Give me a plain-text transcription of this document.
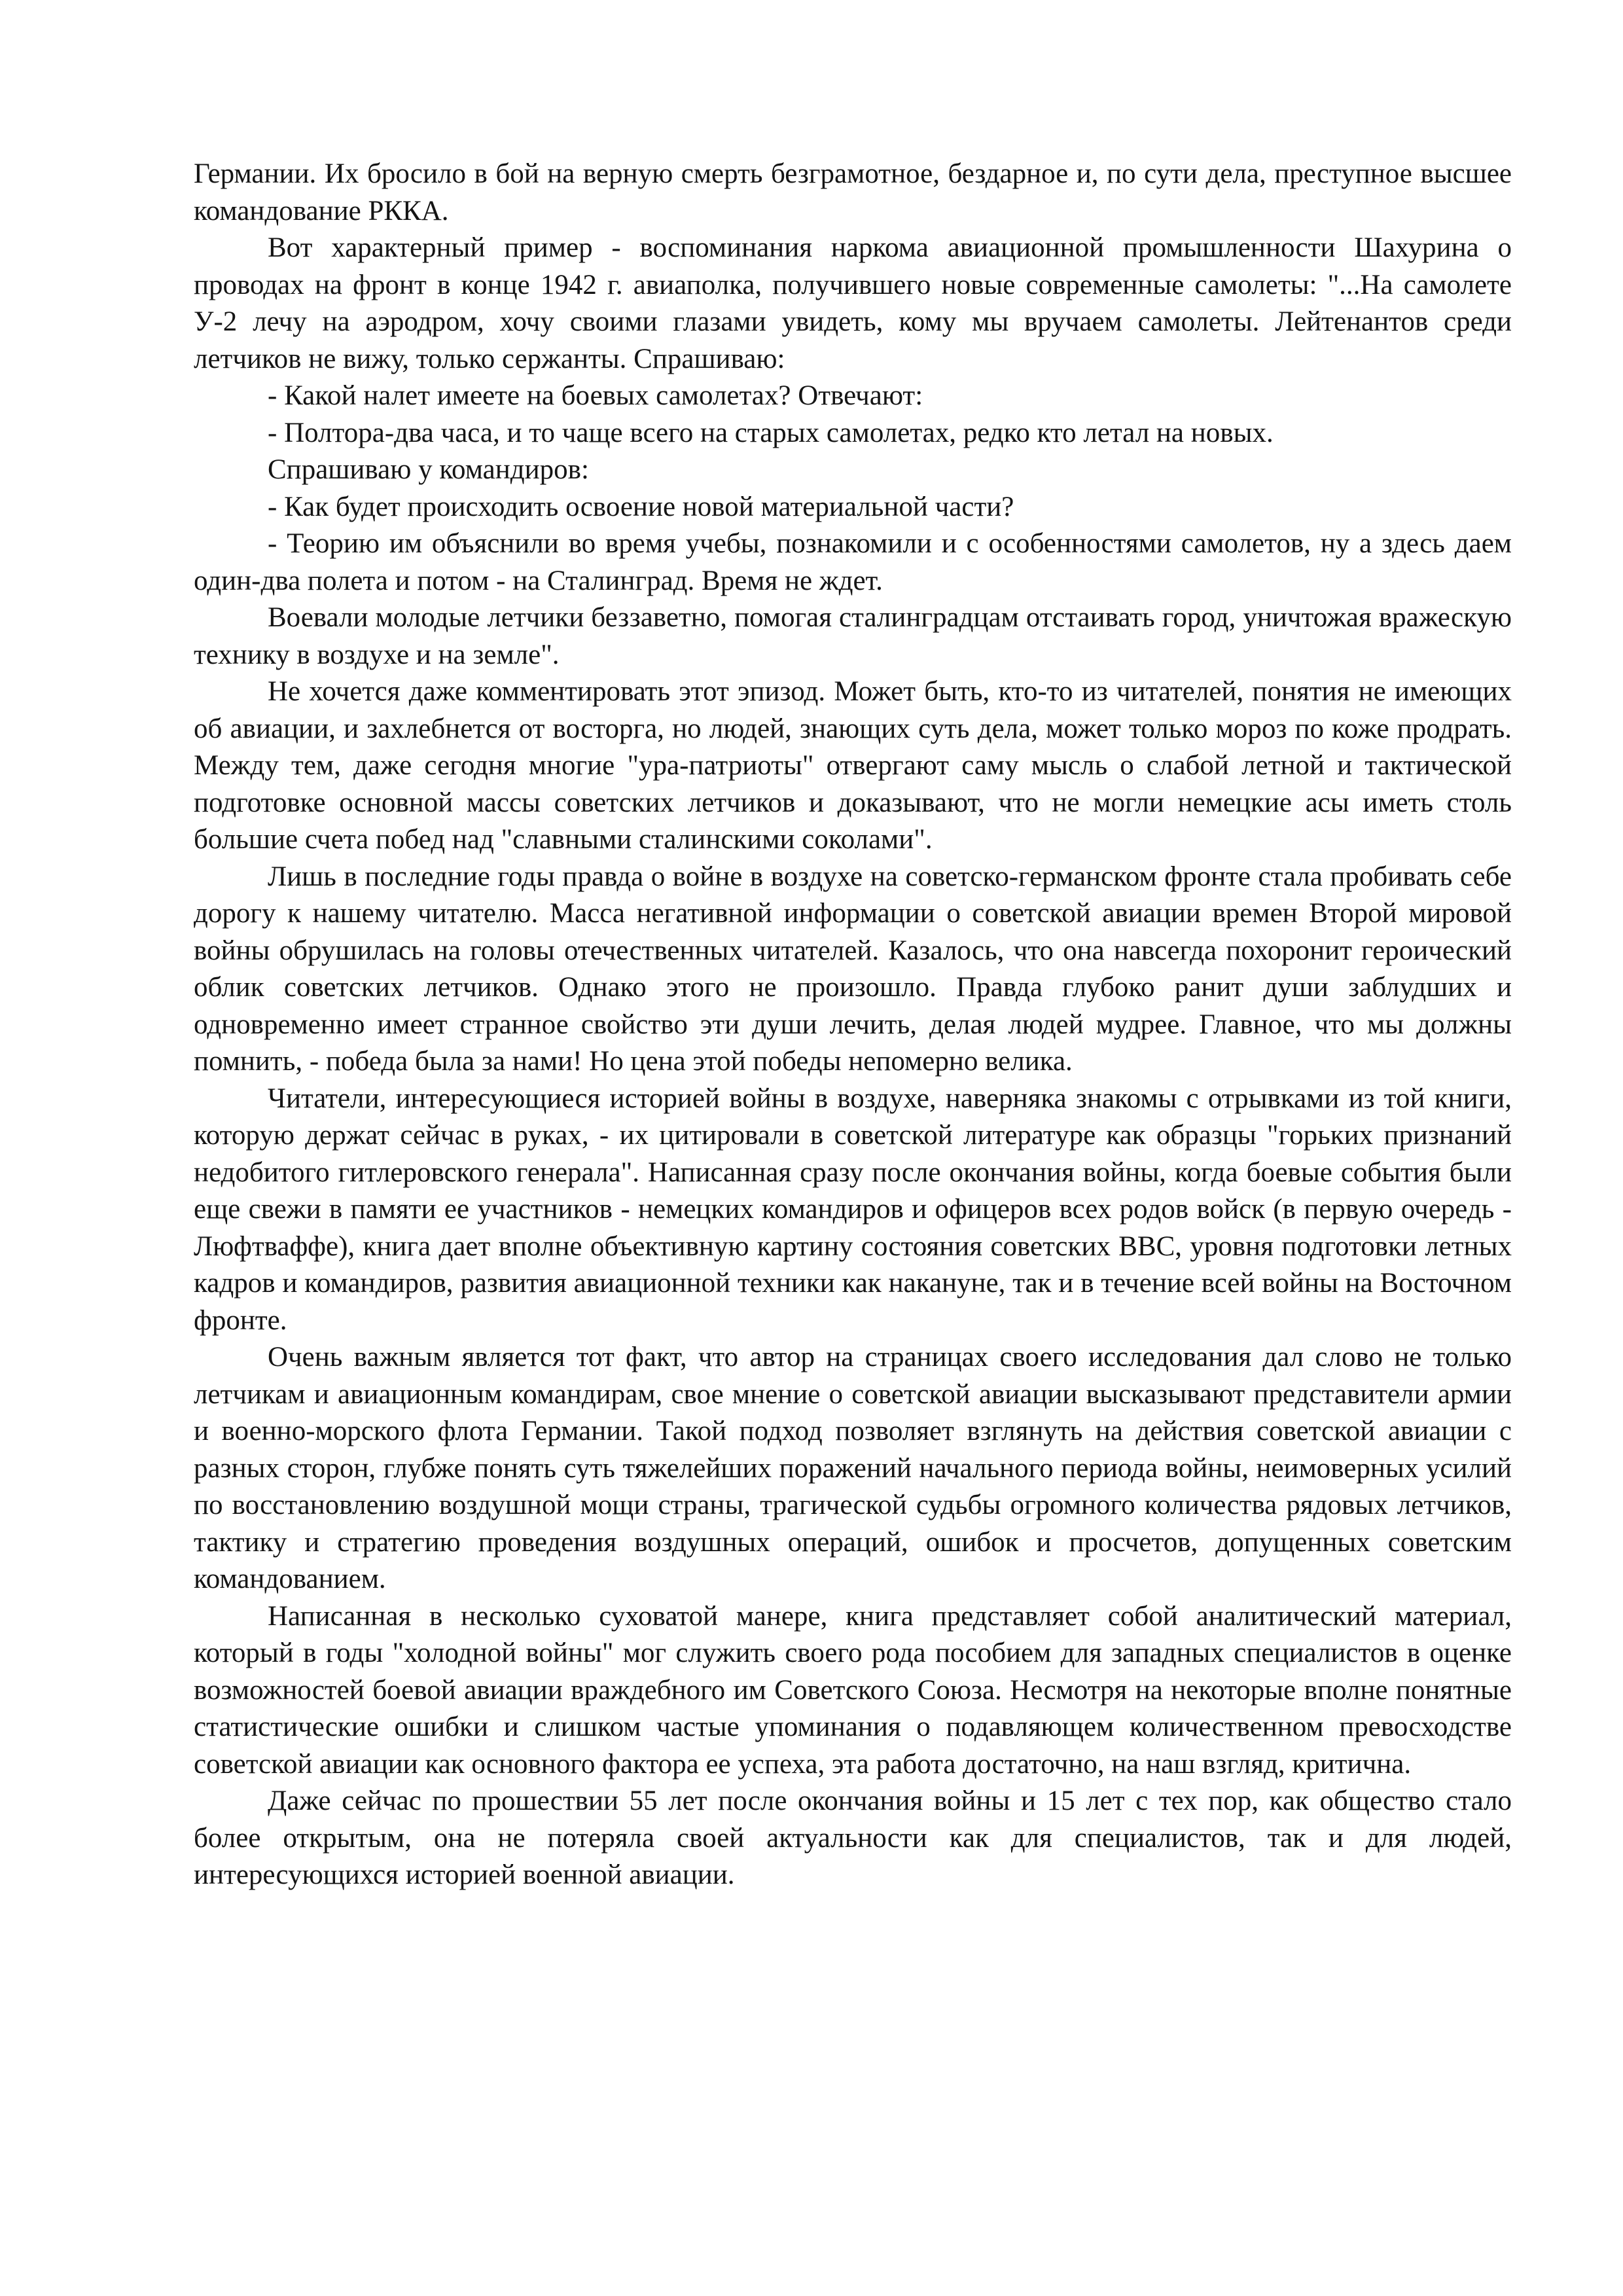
Германии. Их бросило в бой на верную смерть безграмотное, бездарное и, по сути дела, преступное высшее командование РККА.

Вот характерный пример - воспоминания наркома авиационной промышленности Шахурина о проводах на фронт в конце 1942 г. авиаполка, получившего новые современные самолеты: "...На самолете У-2 лечу на аэродром, хочу своими глазами увидеть, кому мы вручаем самолеты. Лейтенантов среди летчиков не вижу, только сержанты. Спрашиваю:

- Какой налет имеете на боевых самолетах? Отвечают:

- Полтора-два часа, и то чаще всего на старых самолетах, редко кто летал на новых.

Спрашиваю у командиров:

- Как будет происходить освоение новой материальной части?

- Теорию им объяснили во время учебы, познакомили и с особенностями самолетов, ну а здесь даем один-два полета и потом - на Сталинград. Время не ждет.

Воевали молодые летчики беззаветно, помогая сталинградцам отстаивать город, уничтожая вражескую технику в воздухе и на земле".

Не хочется даже комментировать этот эпизод. Может быть, кто-то из читателей, понятия не имеющих об авиации, и захлебнется от восторга, но людей, знающих суть дела, может только мороз по коже продрать. Между тем, даже сегодня многие "ура-патриоты" отвергают саму мысль о слабой летной и тактической подготовке основной массы советских летчиков и доказывают, что не могли немецкие асы иметь столь большие счета побед над "славными сталинскими соколами".

Лишь в последние годы правда о войне в воздухе на советско-германском фронте стала пробивать себе дорогу к нашему читателю. Масса негативной информации о советской авиации времен Второй мировой войны обрушилась на головы отечественных читателей. Казалось, что она навсегда похоронит героический облик советских летчиков. Однако этого не произошло. Правда глубоко ранит души заблудших и одновременно имеет странное свойство эти души лечить, делая людей мудрее. Главное, что мы должны помнить, - победа была за нами! Но цена этой победы непомерно велика.

Читатели, интересующиеся историей войны в воздухе, наверняка знакомы с отрывками из той книги, которую держат сейчас в руках, - их цитировали в советской литературе как образцы "горьких признаний недобитого гитлеровского генерала". Написанная сразу после окончания войны, когда боевые события были еще свежи в памяти ее участников - немецких командиров и офицеров всех родов войск (в первую очередь - Люфтваффе), книга дает вполне объективную картину состояния советских ВВС, уровня подготовки летных кадров и командиров, развития авиационной техники как накануне, так и в течение всей войны на Восточном фронте.

Очень важным является тот факт, что автор на страницах своего исследования дал слово не только летчикам и авиационным командирам, свое мнение о советской авиации высказывают представители армии и военно-морского флота Германии. Такой подход позволяет взглянуть на действия советской авиации с разных сторон, глубже понять суть тяжелейших поражений начального периода войны, неимоверных усилий по восстановлению воздушной мощи страны, трагической судьбы огромного количества рядовых летчиков, тактику и стратегию проведения воздушных операций, ошибок и просчетов, допущенных советским командованием.

Написанная в несколько суховатой манере, книга представляет собой аналитический материал, который в годы "холодной войны" мог служить своего рода пособием для западных специалистов в оценке возможностей боевой авиации враждебного им Советского Союза. Несмотря на некоторые вполне понятные статистические ошибки и слишком частые упоминания о подавляющем количественном превосходстве советской авиации как основного фактора ее успеха, эта работа достаточно, на наш взгляд, критична.

Даже сейчас по прошествии 55 лет после окончания войны и 15 лет с тех пор, как общество стало более открытым, она не потеряла своей актуальности как для специалистов, так и для людей, интересующихся историей военной авиации.
